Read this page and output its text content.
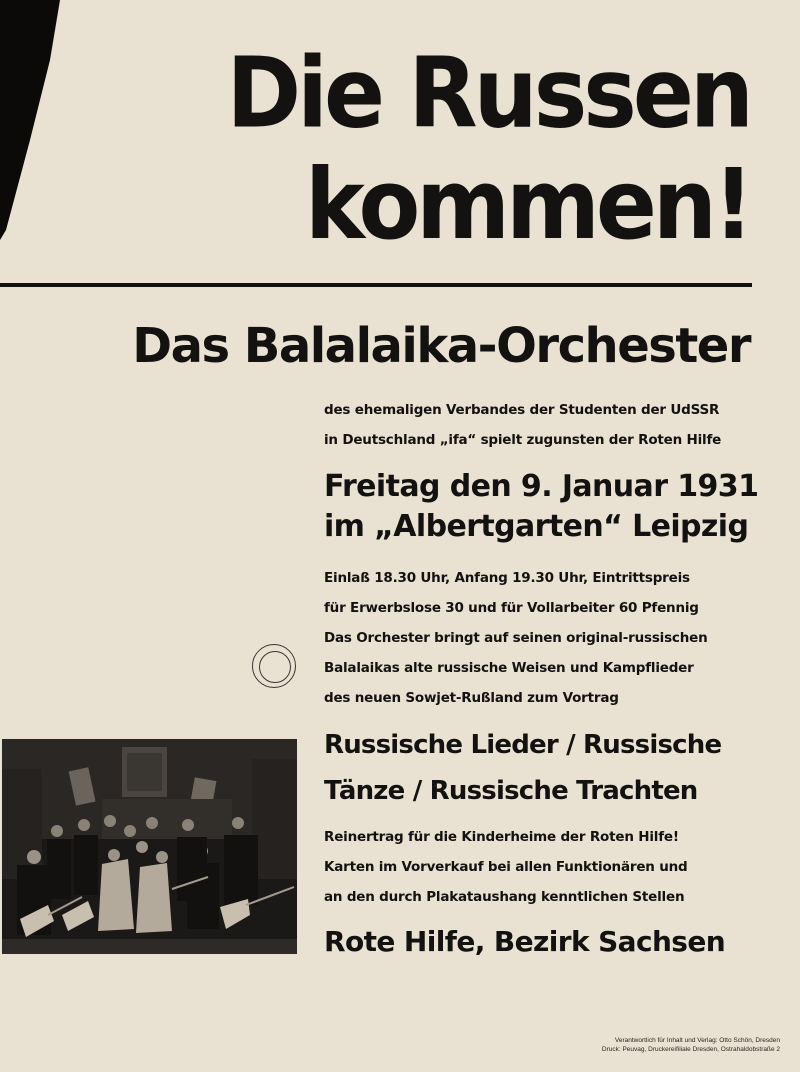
Die Russen
kommen!
Das Balalaika-Orchester
des ehemaligen Verbandes der Studenten der UdSSR
in Deutschland „ifa“ spielt zugunsten der Roten Hilfe
Freitag den 9. Januar 1931
im „Albertgarten“ Leipzig
Einlaß 18.30 Uhr, Anfang 19.30 Uhr, Eintrittspreis
für Erwerbslose 30 und für Vollarbeiter 60 Pfennig
Das Orchester bringt auf seinen original-russischen
Balalaikas alte russische Weisen und Kampflieder
des neuen Sowjet-Rußland zum Vortrag
Russische Lieder / Russische
Tänze / Russische Trachten
Reinertrag für die Kinderheime der Roten Hilfe!
Karten im Vorverkauf bei allen Funktionären und
an den durch Plakataushang kenntlichen Stellen
Rote Hilfe, Bezirk Sachsen
Verantwortlich für Inhalt und Verlag: Otto Schön, Dresden
Druck: Peuvag, Druckereifiliale Dresden, Ostrahaldobstraße 2
